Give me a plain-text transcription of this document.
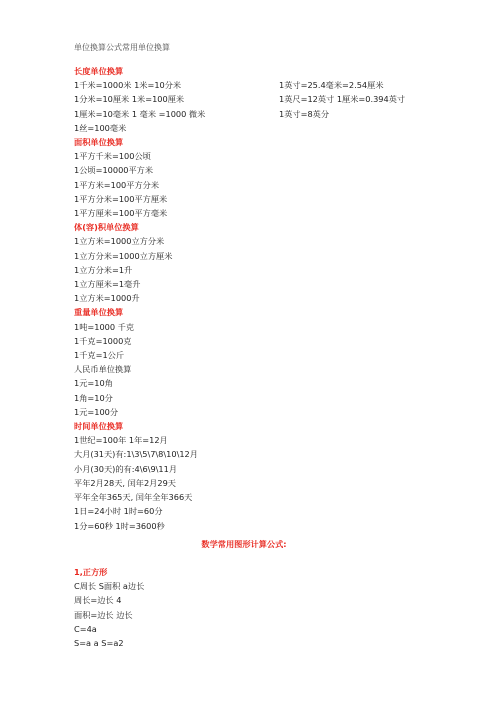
单位换算公式常用单位换算
长度单位换算
1千米=1000米 1米=10分米	1英寸=25.4毫米=2.54厘米
1分米=10厘米 1米=100厘米	1英尺=12英寸 1厘米=0.394英寸
1厘米=10毫米 1 毫米 =1000 微米	1英寸=8英分
1丝=100毫米
面积单位换算
1平方千米=100公顷
1公顷=10000平方米
1平方米=100平方分米
1平方分米=100平方厘米
1平方厘米=100平方毫米
体(容)积单位换算
1立方米=1000立方分米
1立方分米=1000立方厘米
1立方分米=1升
1立方厘米=1毫升
1立方米=1000升
重量单位换算
1吨=1000 千克
1千克=1000克
1千克=1公斤
人民币单位换算
1元=10角
1角=10分
1元=100分
时间单位换算
1世纪=100年 1年=12月
大月(31天)有:1\3\5\7\8\10\12月
小月(30天)的有:4\6\9\11月
平年2月28天, 闰年2月29天
平年全年365天, 闰年全年366天
1日=24小时 1时=60分
1分=60秒 1时=3600秒
数学常用图形计算公式:
1,正方形
C周长 S面积 a边长
周长=边长 4
面积=边长 边长
C=4a
S=a a S=a2
